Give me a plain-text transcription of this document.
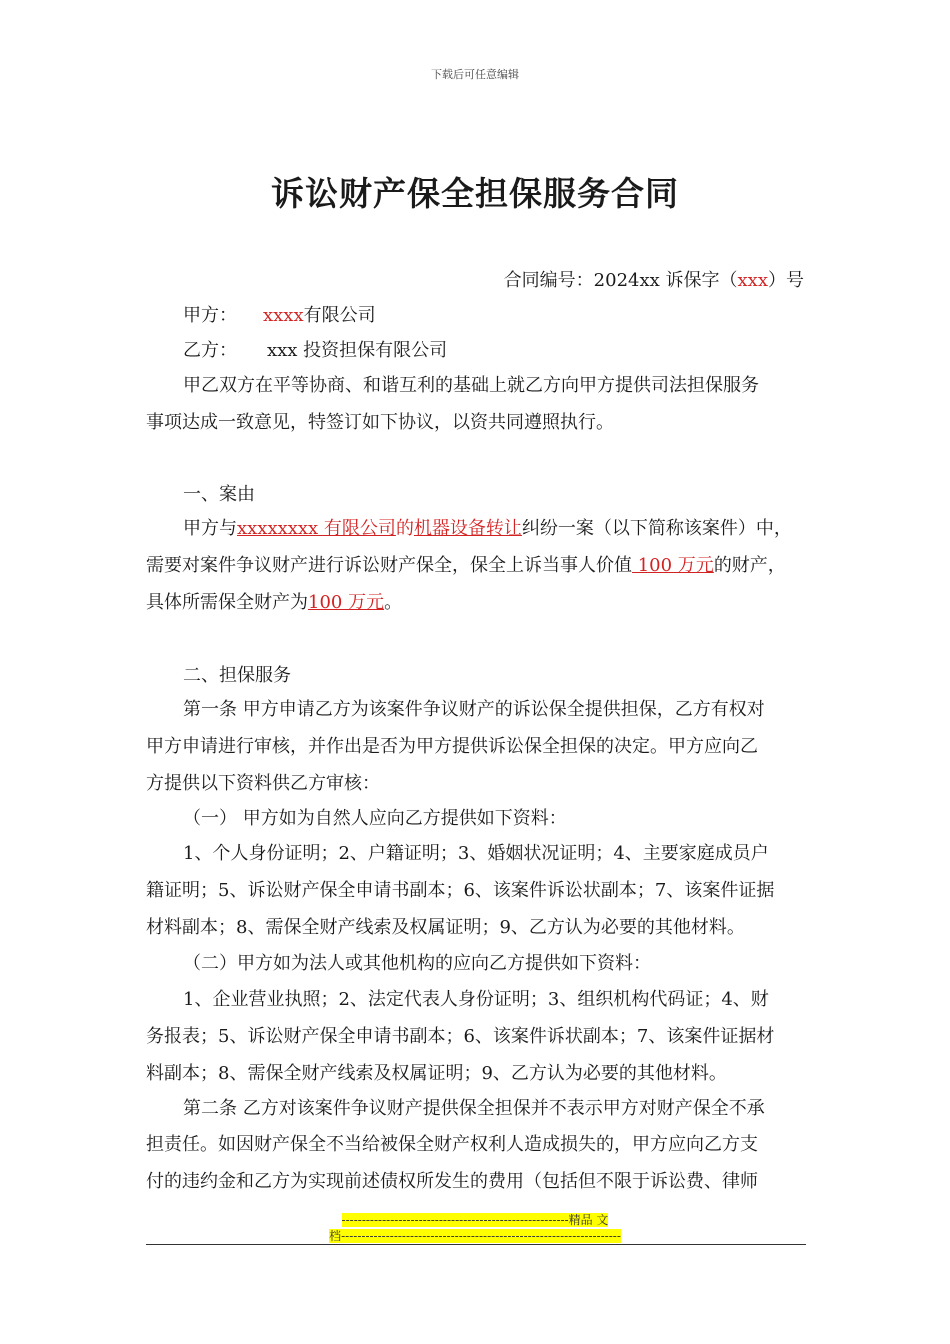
下载后可任意编辑
诉讼财产保全担保服务合同
合同编号：2024xx 诉保字（xxx）号
甲方： xxxx有限公司
乙方： xxx 投资担保有限公司
甲乙双方在平等协商、和谐互利的基础上就乙方向甲方提供司法担保服务
事项达成一致意见，特签订如下协议，以资共同遵照执行。
一、案由
甲方与xxxxxxxx 有限公司的机器设备转让纠纷一案（以下简称该案件）中，
需要对案件争议财产进行诉讼财产保全，保全上诉当事人价值 100 万元的财产，
具体所需保全财产为100 万元。
二、担保服务
第一条 甲方申请乙方为该案件争议财产的诉讼保全提供担保，乙方有权对
甲方申请进行审核，并作出是否为甲方提供诉讼保全担保的决定。甲方应向乙
方提供以下资料供乙方审核：
（一） 甲方如为自然人应向乙方提供如下资料：
1、个人身份证明；2、户籍证明；3、婚姻状况证明；4、主要家庭成员户
籍证明；5、诉讼财产保全申请书副本；6、该案件诉讼状副本；7、该案件证据
材料副本；8、需保全财产线索及权属证明；9、乙方认为必要的其他材料。
（二）甲方如为法人或其他机构的应向乙方提供如下资料：
1、企业营业执照；2、法定代表人身份证明；3、组织机构代码证；4、财
务报表；5、诉讼财产保全申请书副本；6、该案件诉状副本；7、该案件证据材
料副本；8、需保全财产线索及权属证明；9、乙方认为必要的其他材料。
第二条 乙方对该案件争议财产提供保全担保并不表示甲方对财产保全不承
担责任。如因财产保全不当给被保全财产权利人造成损失的，甲方应向乙方支
付的违约金和乙方为实现前述债权所发生的费用（包括但不限于诉讼费、律师
--------------------------------------------------------精品 文
档---------------------------------------------------------------------
